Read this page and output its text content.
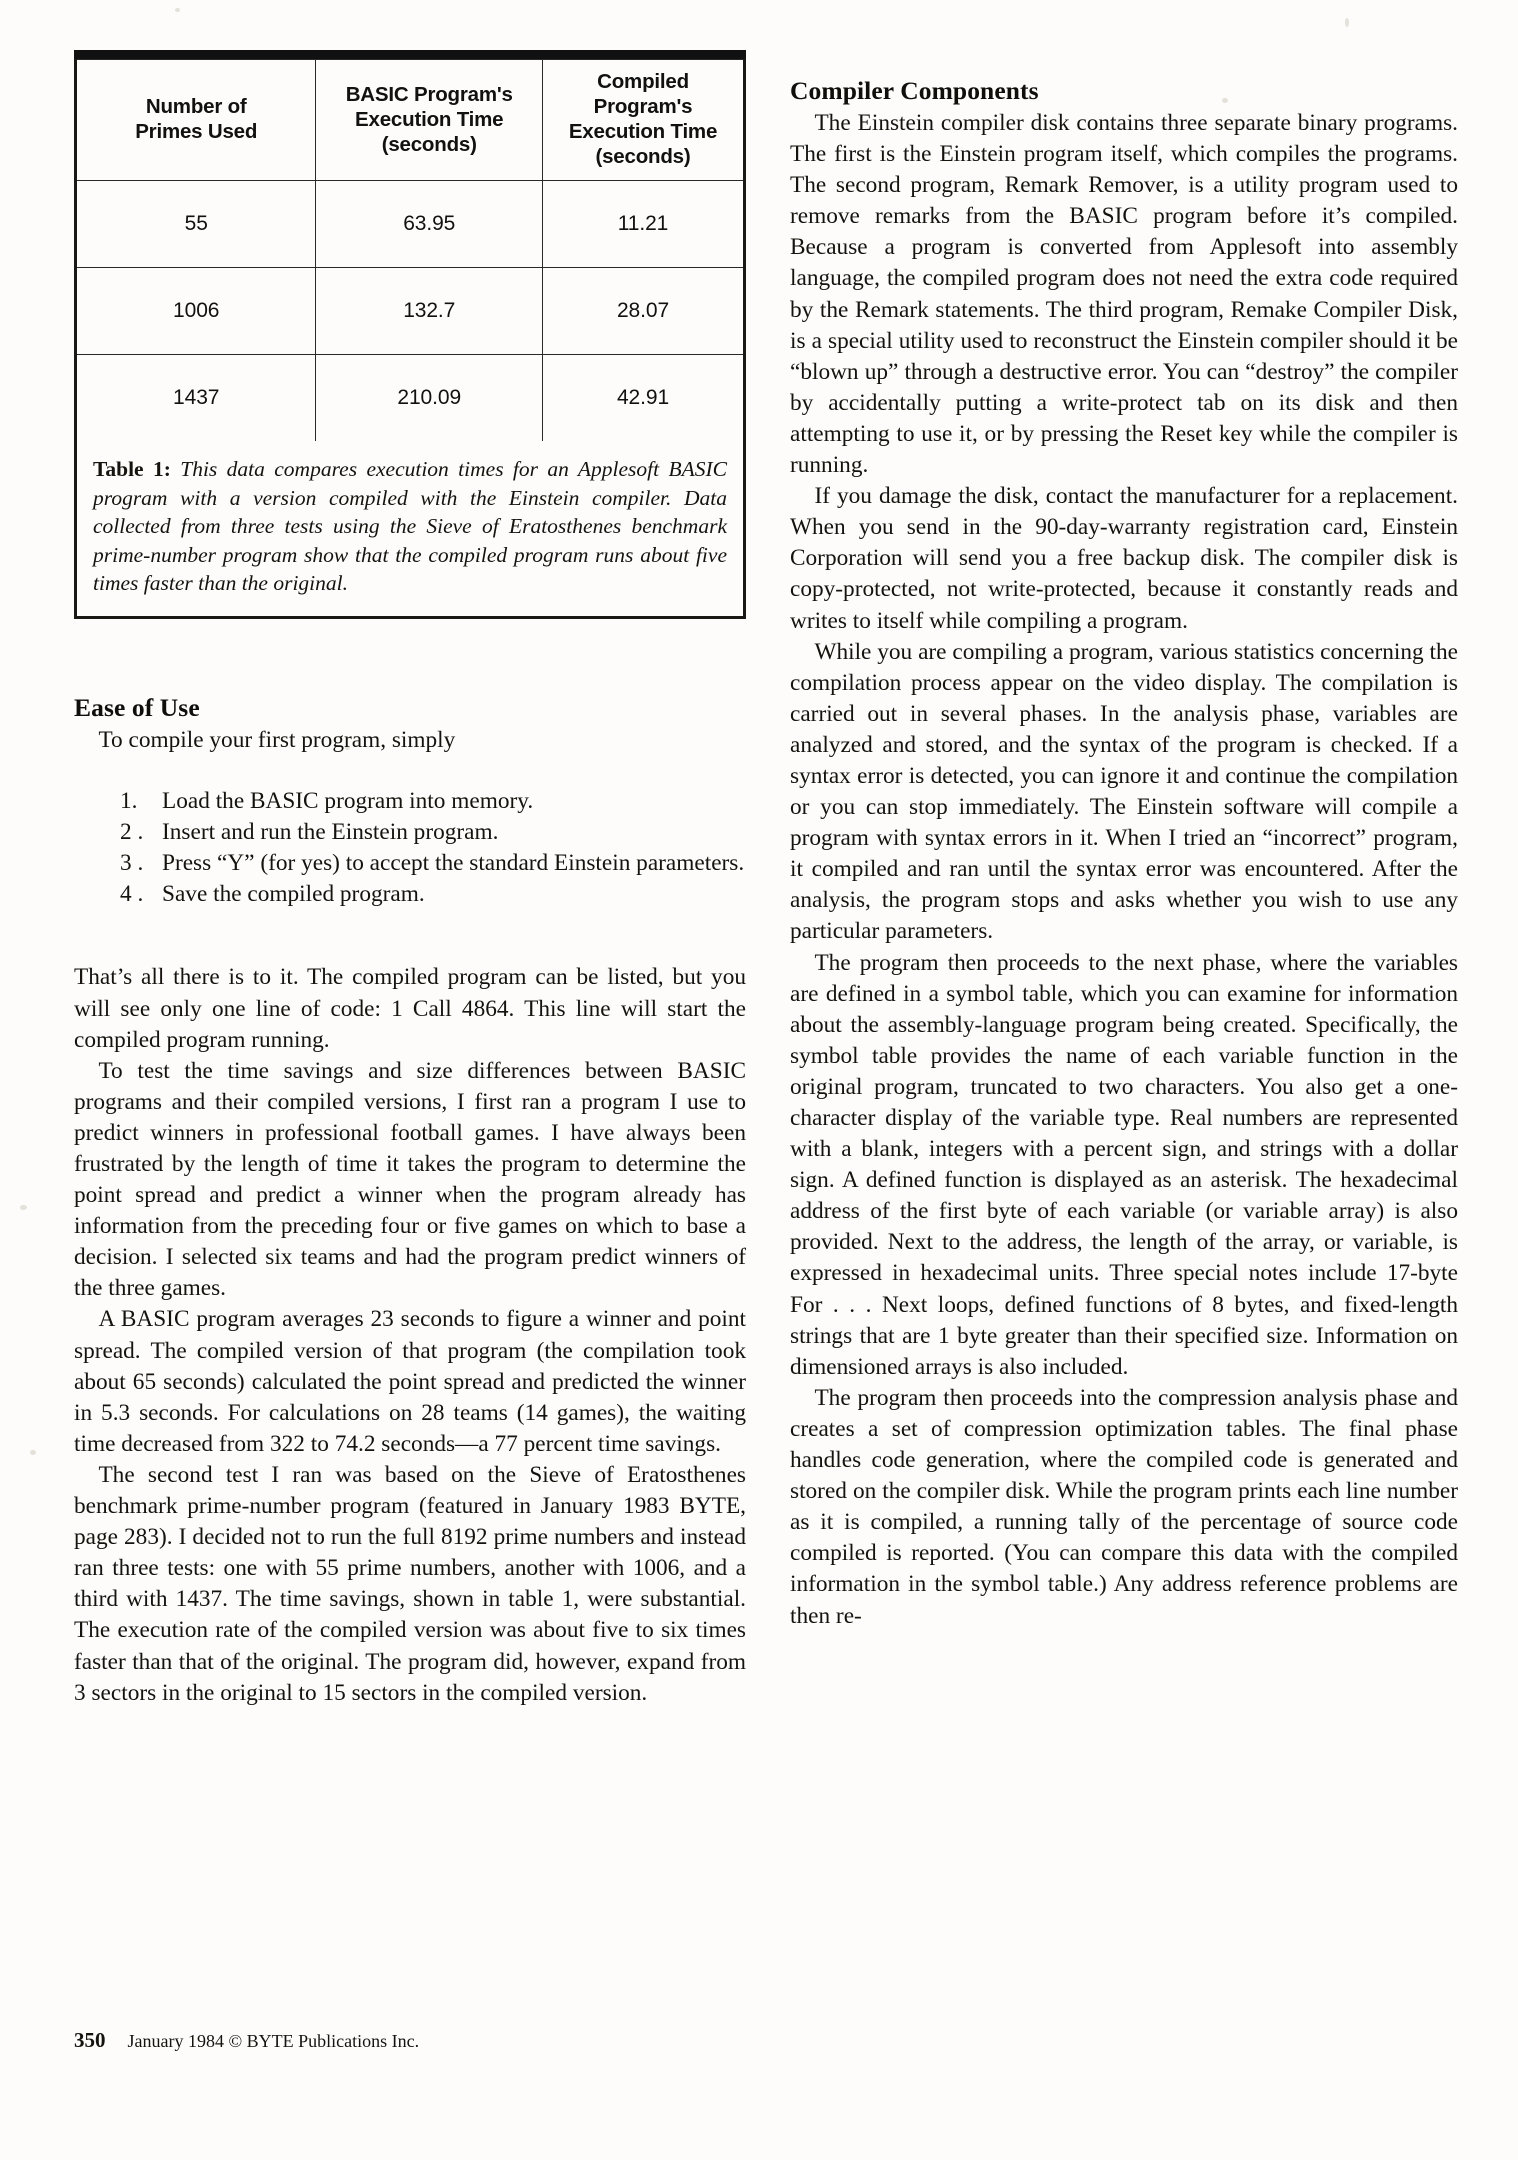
Number of
Primes Used

BASIC Program's
Execution Time
(seconds)

Compiled Program's
Execution Time
(seconds)

55	63.95	11.21
1006	132.7	28.07
1437	210.09	42.91
Table 1: This data compares execution times for an Applesoft BASIC program with a version compiled with the Einstein compiler. Data collected from three tests using the Sieve of Eratosthenes benchmark prime-number program show that the compiled program runs about five times faster than the original.
Ease of Use

To compile your first program, simply

1.	Load the BASIC program into memory.
2 . Insert and run the Einstein program.
3 . Press “Y” (for yes) to accept the standard Einstein parameters.
4 . Save the compiled program.

That’s all there is to it. The compiled program can be listed, but you will see only one line of code: 1 Call 4864. This line will start the compiled program running.

To test the time savings and size differences between BASIC programs and their compiled versions, I first ran a program I use to predict winners in professional football games. I have always been frustrated by the length of time it takes the program to determine the point spread and predict a winner when the program already has information from the preceding four or five games on which to base a decision. I selected six teams and had the program predict winners of the three games.

A BASIC program averages 23 seconds to figure a winner and point spread. The compiled version of that program (the compilation took about 65 seconds) calculated the point spread and predicted the winner in 5.3 seconds. For calculations on 28 teams (14 games), the waiting time decreased from 322 to 74.2 seconds—a 77 percent time savings.

The second test I ran was based on the Sieve of Eratosthenes benchmark prime-number program (featured in January 1983 BYTE, page 283). I decided not to run the full 8192 prime numbers and instead ran three tests: one with 55 prime numbers, another with 1006, and a third with 1437. The time savings, shown in table 1, were substantial. The execution rate of the compiled version was about five to six times faster than that of the original. The program did, however, expand from 3 sectors in the original to 15 sectors in the compiled version.

Compiler Components

The Einstein compiler disk contains three separate binary programs. The first is the Einstein program itself, which compiles the programs. The second program, Remark Remover, is a utility program used to remove remarks from the BASIC program before it’s compiled. Because a program is converted from Applesoft into assembly language, the compiled program does not need the extra code required by the Remark statements. The third program, Remake Compiler Disk, is a special utility used to reconstruct the Einstein compiler should it be “blown up” through a destructive error. You can “destroy” the compiler by accidentally putting a write-protect tab on its disk and then attempting to use it, or by pressing the Reset key while the compiler is running.

If you damage the disk, contact the manufacturer for a replacement. When you send in the 90-day-warranty registration card, Einstein Corporation will send you a free backup disk. The compiler disk is copy-protected, not write-protected, because it constantly reads and writes to itself while compiling a program.

While you are compiling a program, various statistics concerning the compilation process appear on the video display. The compilation is carried out in several phases. In the analysis phase, variables are analyzed and stored, and the syntax of the program is checked. If a syntax error is detected, you can ignore it and continue the compilation or you can stop immediately. The Einstein software will compile a program with syntax errors in it. When I tried an “incorrect” program, it compiled and ran until the syntax error was encountered. After the analysis, the program stops and asks whether you wish to use any particular parameters.

The program then proceeds to the next phase, where the variables are defined in a symbol table, which you can examine for information about the assembly-language program being created. Specifically, the symbol table provides the name of each variable function in the original program, truncated to two characters. You also get a one-character display of the variable type. Real numbers are represented with a blank, integers with a percent sign, and strings with a dollar sign. A defined function is displayed as an asterisk. The hexadecimal address of the first byte of each variable (or variable array) is also provided. Next to the address, the length of the array, or variable, is expressed in hexadecimal units. Three special notes include 17-byte For . . . Next loops, defined functions of 8 bytes, and fixed-length strings that are 1 byte greater than their specified size. Information on dimensioned arrays is also included.

The program then proceeds into the compression analysis phase and creates a set of compression optimization tables. The final phase handles code generation, where the compiled code is generated and stored on the compiler disk. While the program prints each line number as it is compiled, a running tally of the percentage of source code compiled is reported. (You can compare this data with the compiled information in the symbol table.) Any address reference problems are then re-

350 January 1984 © BYTE Publications Inc.
